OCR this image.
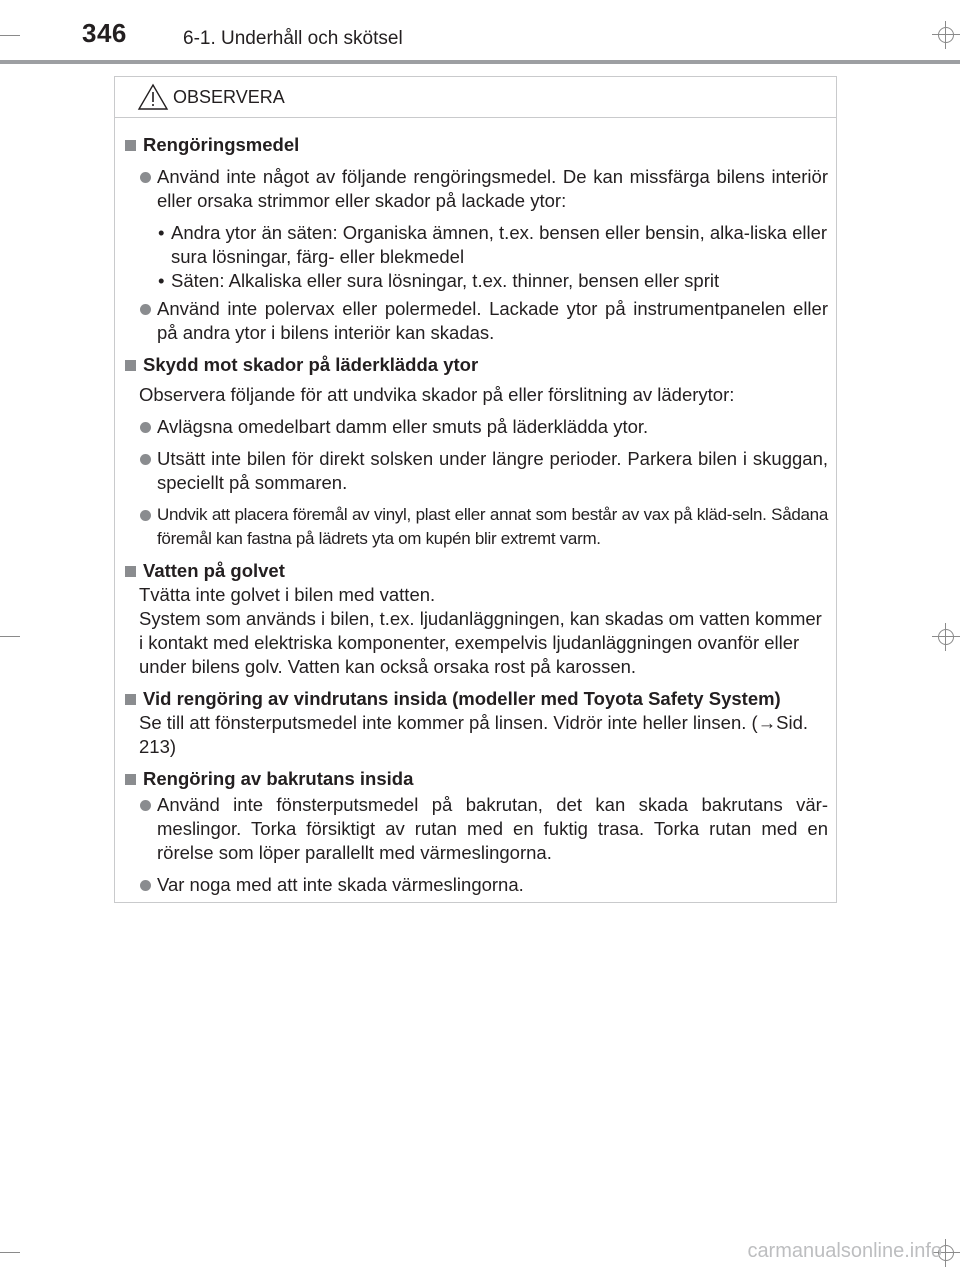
346	6-1. Underhåll och skötsel
OBSERVERA
Rengöringsmedel
Använd inte något av följande rengöringsmedel. De kan missfärga bilens interiör eller orsaka strimmor eller skador på lackade ytor:
• Andra ytor än säten: Organiska ämnen, t.ex. bensen eller bensin, alka-liska eller sura lösningar, färg- eller blekmedel
• Säten: Alkaliska eller sura lösningar, t.ex. thinner, bensen eller sprit
Använd inte polervax eller polermedel. Lackade ytor på instrumentpanelen eller på andra ytor i bilens interiör kan skadas.
Skydd mot skador på läderklädda ytor
Observera följande för att undvika skador på eller förslitning av läderytor:
Avlägsna omedelbart damm eller smuts på läderklädda ytor.
Utsätt inte bilen för direkt solsken under längre perioder. Parkera bilen i skuggan, speciellt på sommaren.
Undvik att placera föremål av vinyl, plast eller annat som består av vax på kläd-seln. Sådana föremål kan fastna på lädrets yta om kupén blir extremt varm.
Vatten på golvet
Tvätta inte golvet i bilen med vatten.
System som används i bilen, t.ex. ljudanläggningen, kan skadas om vatten kommer i kontakt med elektriska komponenter, exempelvis ljudanläggningen ovanför eller under bilens golv. Vatten kan också orsaka rost på karossen.
Vid rengöring av vindrutans insida (modeller med Toyota Safety System)
Se till att fönsterputsmedel inte kommer på linsen. Vidrör inte heller linsen. (→Sid. 213)
Rengöring av bakrutans insida
Använd inte fönsterputsmedel på bakrutan, det kan skada bakrutans vär-meslingor. Torka försiktigt av rutan med en fuktig trasa. Torka rutan med en rörelse som löper parallellt med värmeslingorna.
Var noga med att inte skada värmeslingorna.
carmanualsonline.info
